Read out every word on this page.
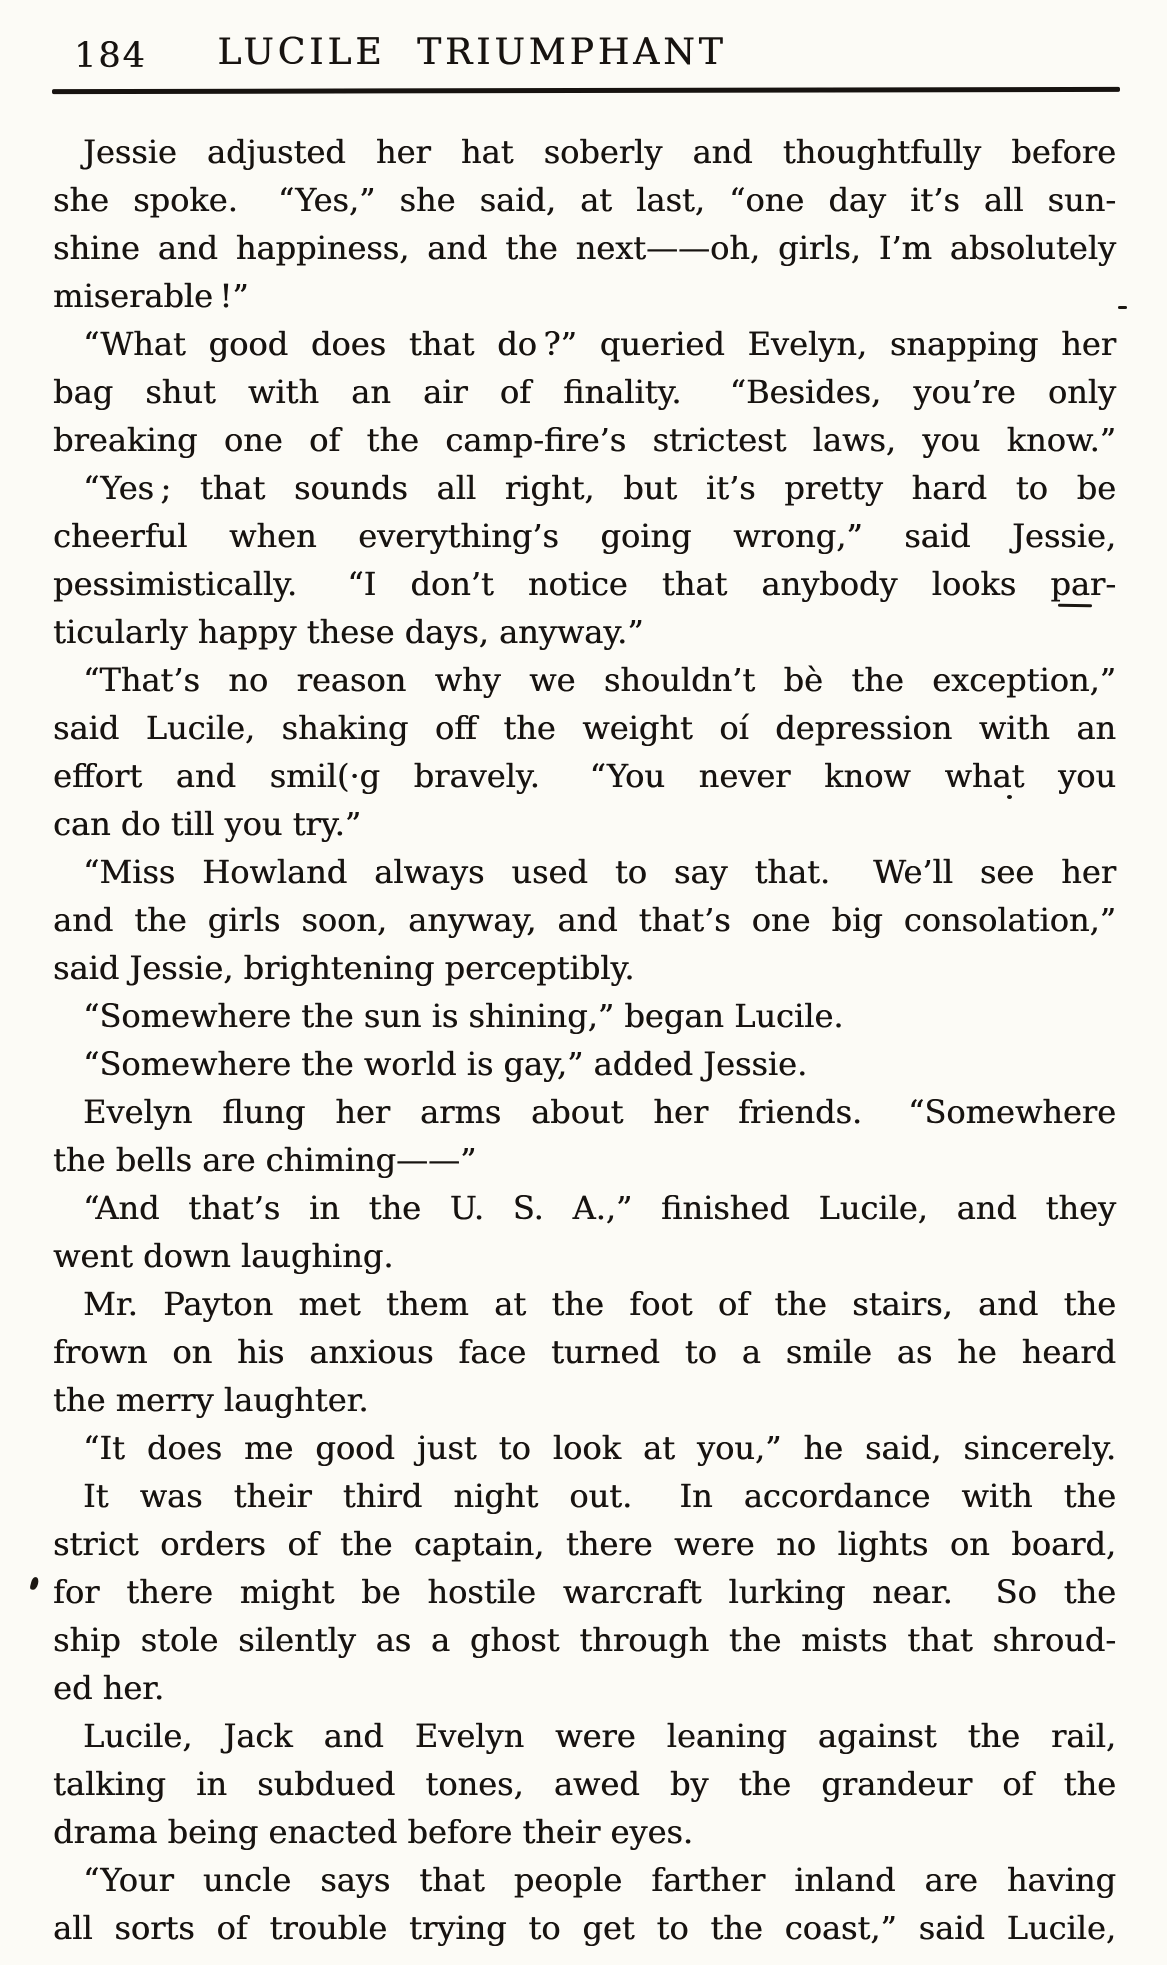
184 LUCILE TRIUMPHANT
Jessie adjusted her hat soberly and thoughtfully before
she spoke.  “Yes,” she said, at last, “one day it’s all sun-
shine and happiness, and the next——oh, girls, I’m absolutely
miserable !”
“What good does that do ?” queried Evelyn, snapping her
bag shut with an air of finality.  “Besides, you’re only
breaking one of the camp-fire’s strictest laws, you know.”
“Yes ; that sounds all right, but it’s pretty hard to be
cheerful when everything’s going wrong,” said Jessie,
pessimistically.  “I don’t notice that anybody looks par-
ticularly happy these days, anyway.”
“That’s no reason why we shouldn’t bè the exception,”
said Lucile, shaking off the weight oí depression with an
effort and smil(·g bravely.  “You never know what you
can do till you try.”
“Miss Howland always used to say that.  We’ll see her
and the girls soon, anyway, and that’s one big consolation,”
said Jessie, brightening perceptibly.
“Somewhere the sun is shining,” began Lucile.
“Somewhere the world is gay,” added Jessie.
Evelyn flung her arms about her friends.  “Somewhere
the bells are chiming——”
“And that’s in the U. S. A.,” finished Lucile, and they
went down laughing.
Mr. Payton met them at the foot of the stairs, and the
frown on his anxious face turned to a smile as he heard
the merry laughter.
“It does me good just to look at you,” he said, sincerely.
It was their third night out.  In accordance with the
strict orders of the captain, there were no lights on board,
for there might be hostile warcraft lurking near.  So the
ship stole silently as a ghost through the mists that shroud-
ed her.
Lucile, Jack and Evelyn were leaning against the rail,
talking in subdued tones, awed by the grandeur of the
drama being enacted before their eyes.
“Your uncle says that people farther inland are having
all sorts of trouble trying to get to the coast,” said Lucile,
